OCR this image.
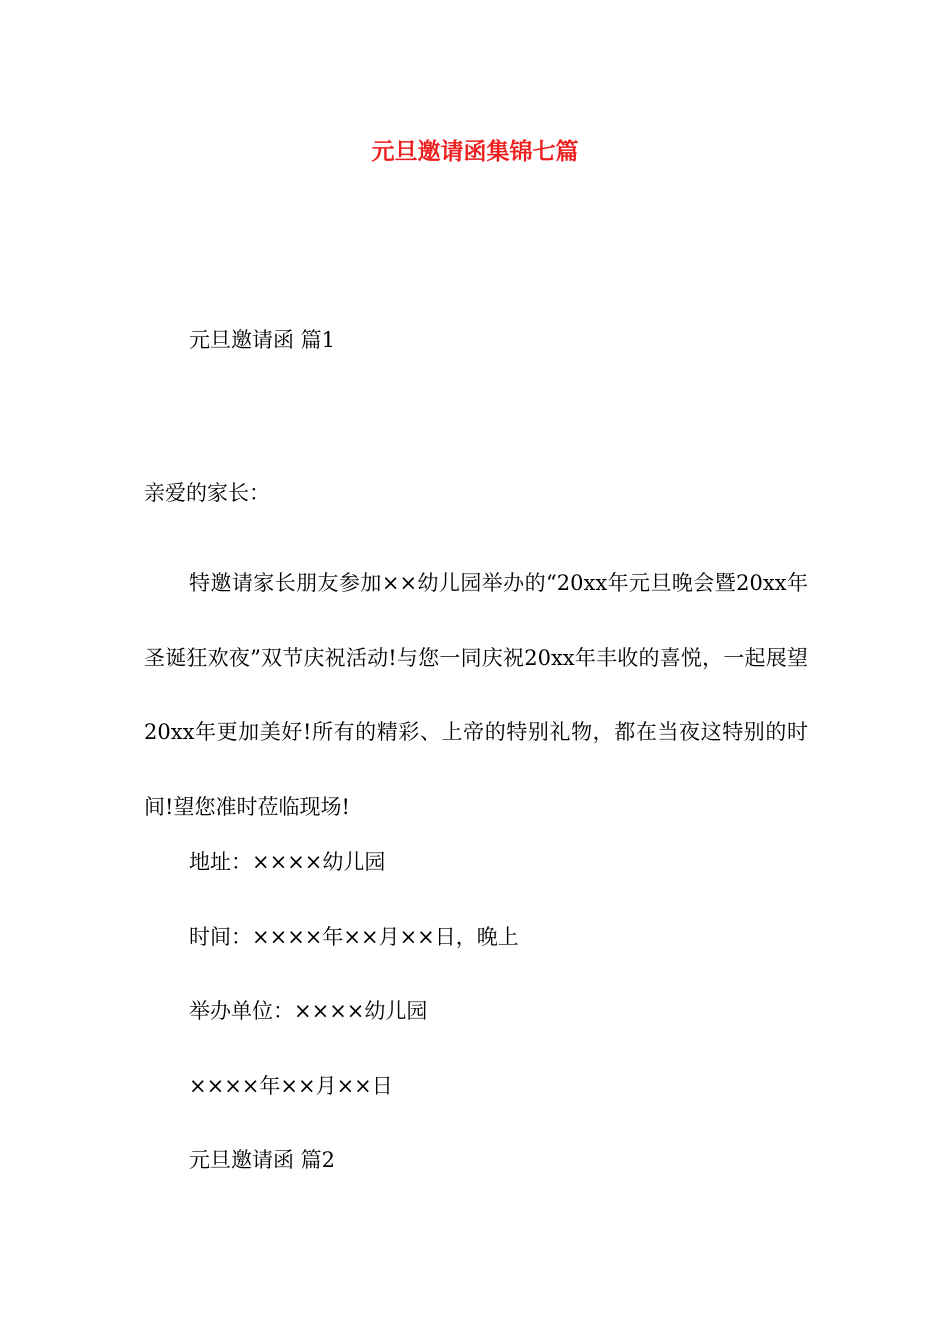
元旦邀请函集锦七篇
元旦邀请函 篇1
亲爱的家长：
特邀请家长朋友参加××幼儿园举办的“20xx年元旦晚会暨20xx年圣诞狂欢夜”双节庆祝活动!与您一同庆祝20xx年丰收的喜悦，一起展望20xx年更加美好!所有的精彩、上帝的特别礼物，都在当夜这特别的时间!望您准时莅临现场!
地址：××××幼儿园
时间：××××年××月××日，晚上
举办单位：××××幼儿园
××××年××月××日
元旦邀请函 篇2
